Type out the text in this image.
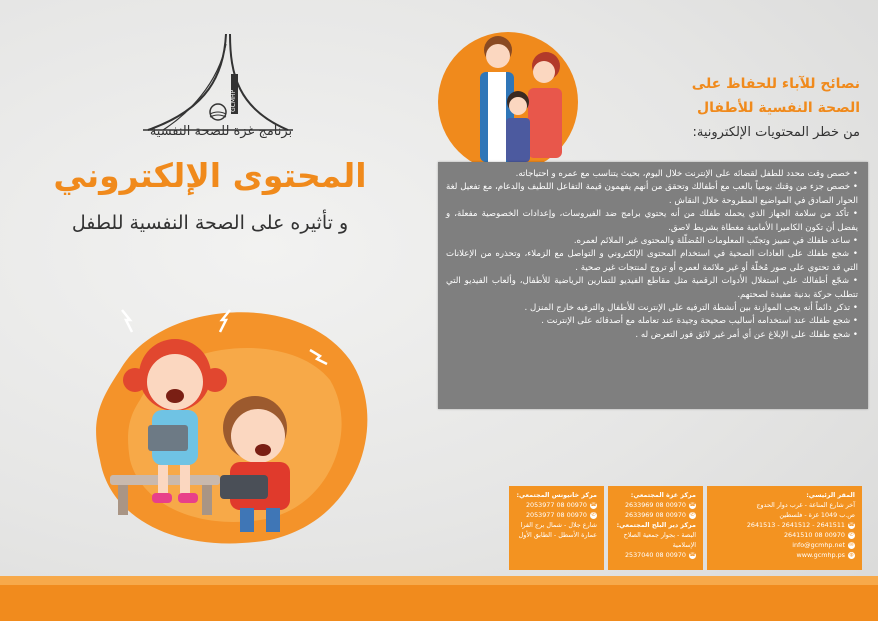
GCMHP
برنامج غزة للصحة النفسية
المحتوى الإلكتروني
و تأثيره على الصحة النفسية للطفل
نصائح للآباء للحفاظ على
الصحة النفسية للأطفال
من خطر المحتويات الإلكترونية:
• خصص وقت محدد للطفل لقضائه على الإنترنت خلال اليوم، بحيث يتناسب مع عمره و احتياجاته.
• خصص جزء من وقتك يومياً بالعب مع أطفالك وتحقق من أنهم يفهمون قيمة التفاعل اللطيف والدعام، مع تفعيل لغة الحوار الصادق في المواضيع المطروحة خلال النقاش .
• تأكد من سلامة الجهاز الذي يحمله طفلك من أنه يحتوي برامج ضد الفيروسات، وإعدادات الخصوصية مفعلة، و يفضل أن تكون الكاميرا الأمامية مغطاة بشريط لاصق.
• ساعد طفلك في تمييز وتجنّب المعلومات المُضلّلة والمحتوى غير الملائم لعمره.
• شجع طفلك على العادات الصحية في استخدام المحتوى الإلكتروني و التواصل مع الزملاء، وتحذره من الإعلانات التي قد تحتوي على صور مُخلّة أو غير ملائمة لعمره أو تروج لمنتجات غير صحية .
• شجّع أطفالك على استغلال الأدوات الرقمية مثل مقاطع الفيديو للتمارين الرياضية للأطفال، وألعاب الفيديو التي تتطلب حركة بدنية مفيدة لصحتهم.
• تذكر دائماً أنه يجب الموازنة بين أنشطة الترفيه على الإنترنت للأطفال والترفيه خارج المنزل .
• شجع طفلك عند استخدامه أساليب صحيحة وجيدة عند تعامله مع أصدقائه على الإنترنت .
• شجع طفلك على الإبلاغ عن أي أمر غير لائق فور التعرض له .
المقر الرئيسي:
آخر شارع المناعة - غرب دوار الحدوج
ص.ب 1049 غزة - فلسطين
☎
2641511 - 2641512 - 2641513
✆
00970 08 2641510
✉
info@gcmhp.net
◍
www.gcmhp.ps
مركز غزة المجتمعي:
☎
00970 08 2633969
✆
00970 08 2633969
مركز دير البلح المجتمعي:
البصة - بجوار جمعية الصلاح الإسلامية
☎
00970 08 2537040
مركز خانيونس المجتمعي:
☎
00970 08 2053977
✆
00970 08 2053977
شارع جلال - شمال برج الفرا
عمارة الأسطل - الطابق الأول
